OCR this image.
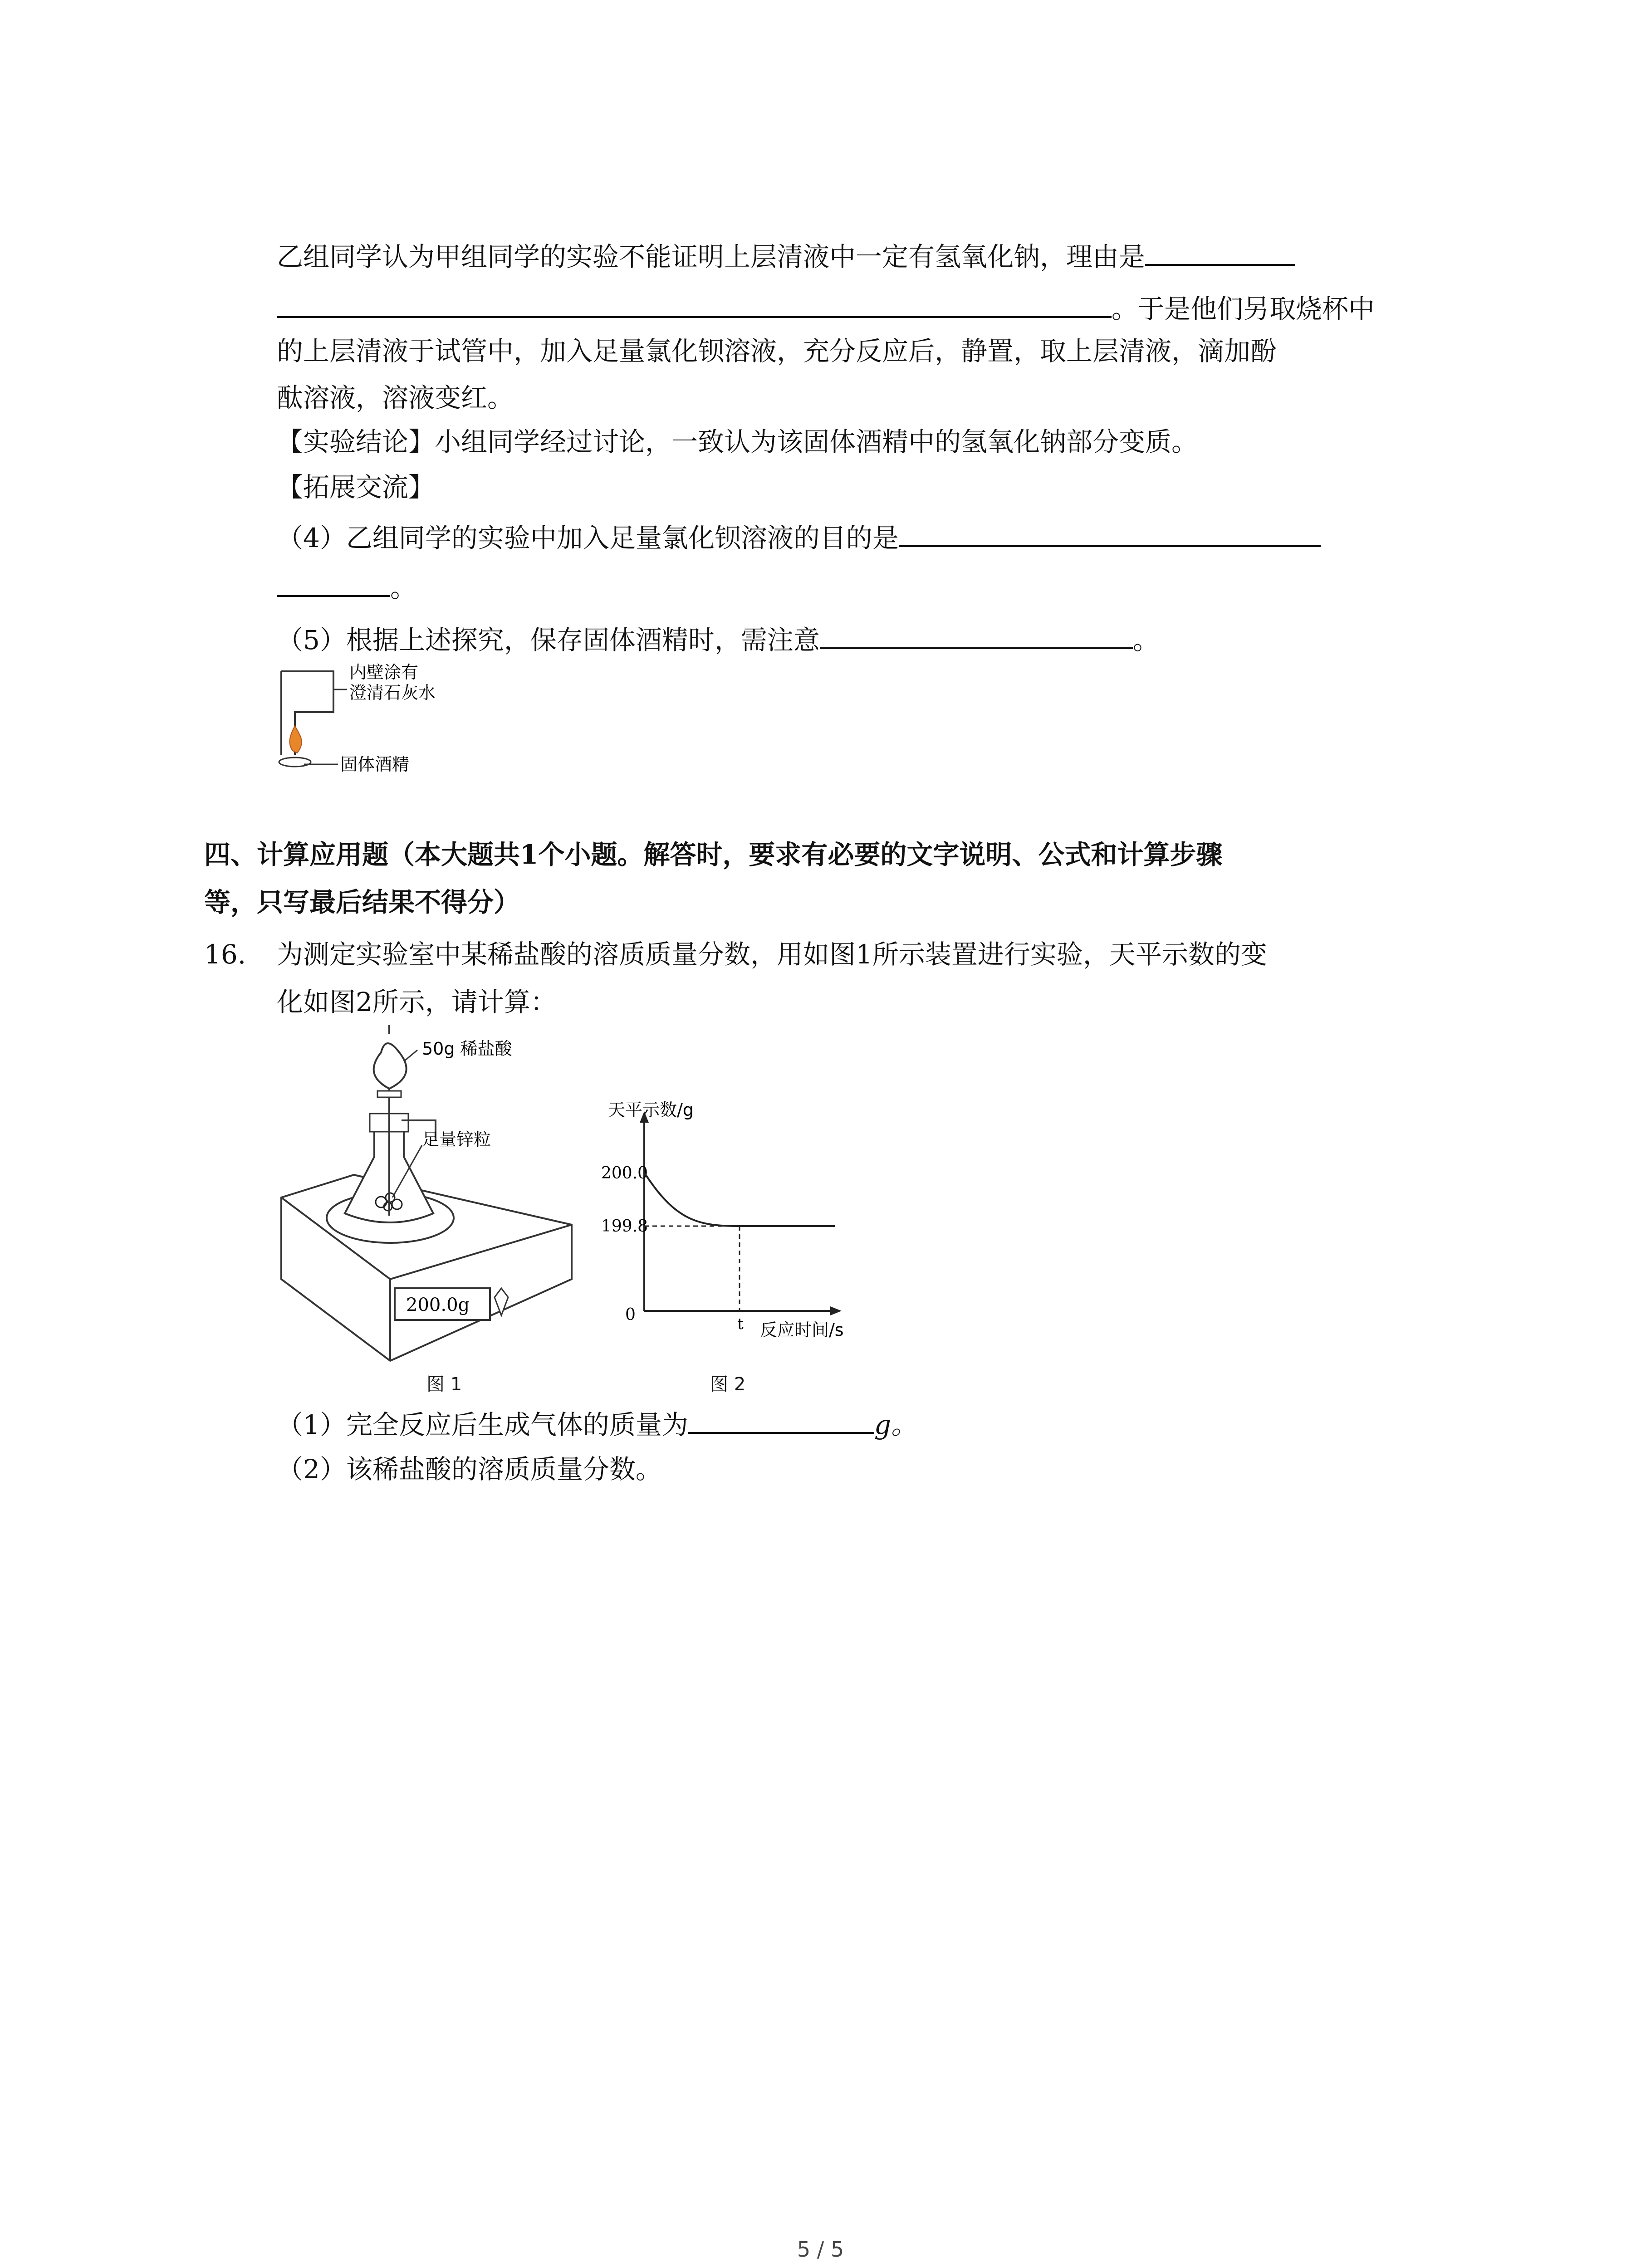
乙组同学认为甲组同学的实验不能证明上层清液中一定有氢氧化钠，理由是
。于是他们另取烧杯中
的上层清液于试管中，加入足量氯化钡溶液，充分反应后，静置，取上层清液，滴加酚
酞溶液，溶液变红。
【实验结论】小组同学经过讨论，一致认为该固体酒精中的氢氧化钠部分变质。
【拓展交流】
（4）乙组同学的实验中加入足量氯化钡溶液的目的是
。
（5）根据上述探究，保存固体酒精时，需注意	。
内壁涂有
澄清石灰水
固体酒精
四、计算应用题（本大题共1个小题。解答时，要求有必要的文字说明、公式和计算步骤
等，只写最后结果不得分）
16. 为测定实验室中某稀盐酸的溶质质量分数，用如图1所示装置进行实验，天平示数的变
化如图2所示，请计算：
200.0g
50g 稀盐酸
足量锌粒
图 1
天平示数/g
反应时间/s
200.0
199.8
0	t
图 2
（1）完全反应后生成气体的质量为	g。
（2）该稀盐酸的溶质质量分数。
5 / 5
